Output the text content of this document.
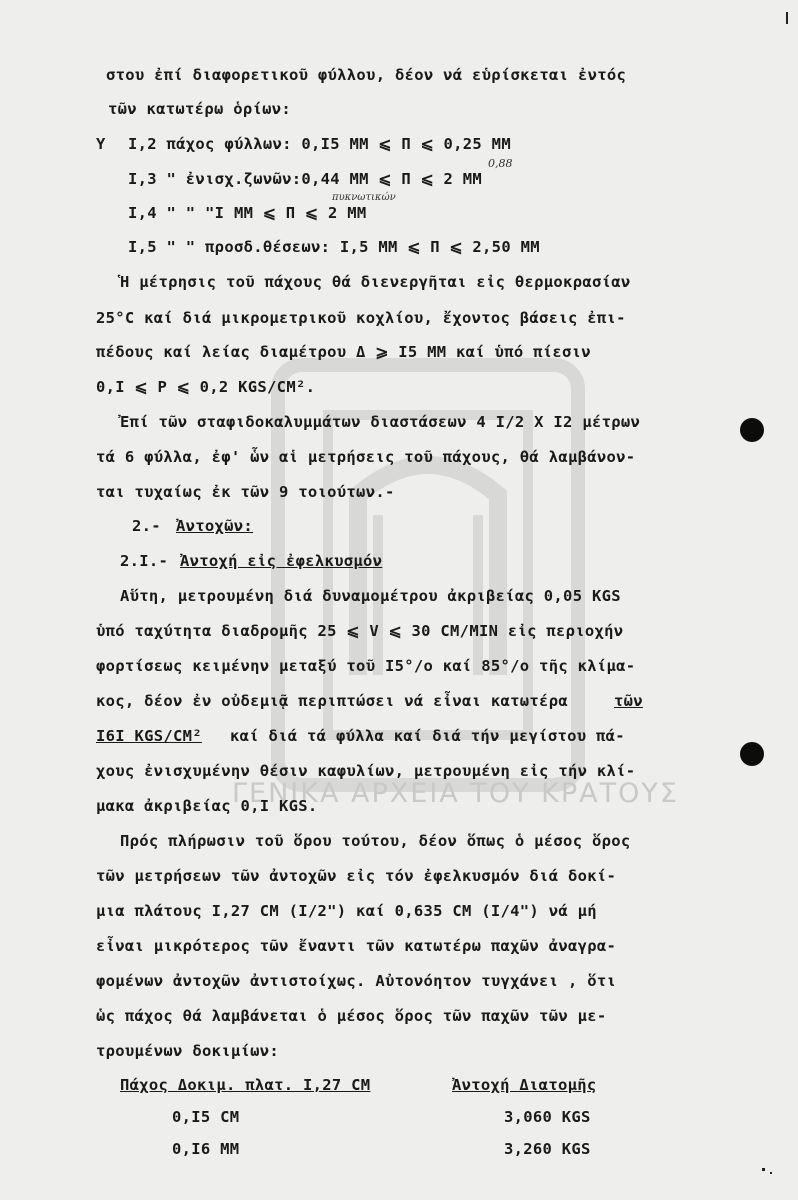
ΓΕΝΙΚΑ ΑΡΧΕΙΑ ΤΟΥ ΚΡΑΤΟΥΣ
στου ἐπί διαφορετικοῦ φύλλου, δέον νά εὑρίσκεται ἐντός
τῶν κατωτέρω ὁρίων:
Y I,2 πάχος φύλλων: 0,I5 MM ⩽ Π ⩽ 0,25 MM
0,88
I,3 " ἐνισχ.ζωνῶν:0,44 MM ⩽ Π ⩽ 2 MM
πυκνωτικών
I,4 " " "I MM ⩽ Π ⩽ 2 MM
I,5 " " προσδ.θέσεων: I,5 MM ⩽ Π ⩽ 2,50 MM
Ἡ μέτρησις τοῦ πάχους θά διενεργῆται εἰς θερμοκρασίαν
25°C καί διά μικρομετρικοῦ κοχλίου, ἔχοντος βάσεις ἐπι-
πέδους καί λείας διαμέτρου Δ ⩾ I5 MM καί ὑπό πίεσιν
0,I ⩽ P ⩽ 0,2 KGS/CM².
Ἐπί τῶν σταφιδοκαλυμμάτων διαστάσεων 4 I/2 X I2 μέτρων
τά 6 φύλλα, ἐφ' ὧν αἱ μετρήσεις τοῦ πάχους, θά λαμβάνον-
ται τυχαίως ἐκ τῶν 9 τοιούτων.-
2.- Ἀντοχῶν:
2.I.- Ἀντοχή εἰς ἐφελκυσμόν
Αὕτη, μετρουμένη διά δυναμομέτρου ἀκριβείας 0,05 KGS
ὑπό ταχύτητα διαδρομῆς 25 ⩽ V ⩽ 30 CM/MIN εἰς περιοχήν
φορτίσεως κειμένην μεταξύ τοῦ I5°/o καί 85°/o τῆς κλίμα-
κος, δέον ἐν οὐδεμιᾷ περιπτώσει νά εἶναι κατωτέρα	τῶν
I6I KGS/CM² καί διά τά φύλλα καί διά τήν μεγίστου πά-
χους ἐνισχυμένην θέσιν καφυλίων, μετρουμένη εἰς τήν κλί-
μακα ἀκριβείας 0,I KGS.
Πρός πλήρωσιν τοῦ ὅρου τούτου, δέον ὅπως ὁ μέσος ὅρος
τῶν μετρήσεων τῶν ἀντοχῶν εἰς τόν ἐφελκυσμόν διά δοκί-
μια πλάτους I,27 CM (I/2") καί 0,635 CM (I/4") νά μή
εἶναι μικρότερος τῶν ἔναντι τῶν κατωτέρω παχῶν ἀναγρα-
φομένων ἀντοχῶν ἀντιστοίχως. Αὐτονόητον τυγχάνει , ὅτι
ὡς πάχος θά λαμβάνεται ὁ μέσος ὅρος τῶν παχῶν τῶν με-
τρουμένων δοκιμίων:
Πάχος Δοκιμ. πλατ. I,27 CM	Ἀντοχή Διατομῆς
0,I5 CM	3,060 KGS
0,I6 MM	3,260 KGS
